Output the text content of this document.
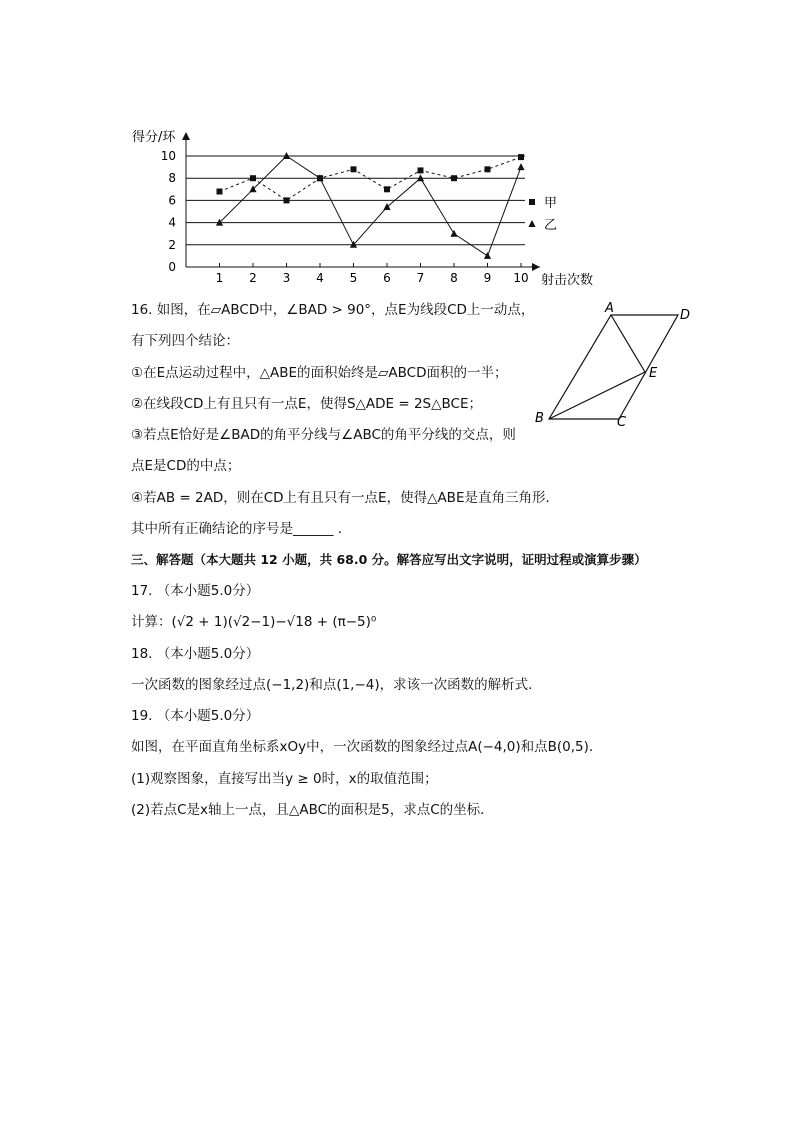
得分/环
射击次数
0
2
4
6
8
10
1 2 3 4 5 6 7 8 9 10
甲
乙
16. 如图，在▱ABCD中，∠BAD > 90°，点E为线段CD上一动点，
有下列四个结论：
①在E点运动过程中，△ABE的面积始终是▱ABCD面积的一半；
②在线段CD上有且只有一点E，使得S△ADE = 2S△BCE；
③若点E恰好是∠BAD的角平分线与∠ABC的角平分线的交点，则
点E是CD的中点；
④若AB = 2AD，则在CD上有且只有一点E，使得△ABE是直角三角形．
其中所有正确结论的序号是______ ．
A	D
E
B	C
三、解答题（本大题共 12 小题，共 68.0 分。解答应写出文字说明，证明过程或演算步骤）
17. （本小题5.0分）
计算：(√2 + 1)(√2−1)−√18 + (π−5)⁰
18. （本小题5.0分）
一次函数的图象经过点(−1,2)和点(1,−4)，求该一次函数的解析式．
19. （本小题5.0分）
如图，在平面直角坐标系xOy中，一次函数的图象经过点A(−4,0)和点B(0,5)．
(1)观察图象，直接写出当y ≥ 0时，x的取值范围；
(2)若点C是x轴上一点，且△ABC的面积是5，求点C的坐标．
